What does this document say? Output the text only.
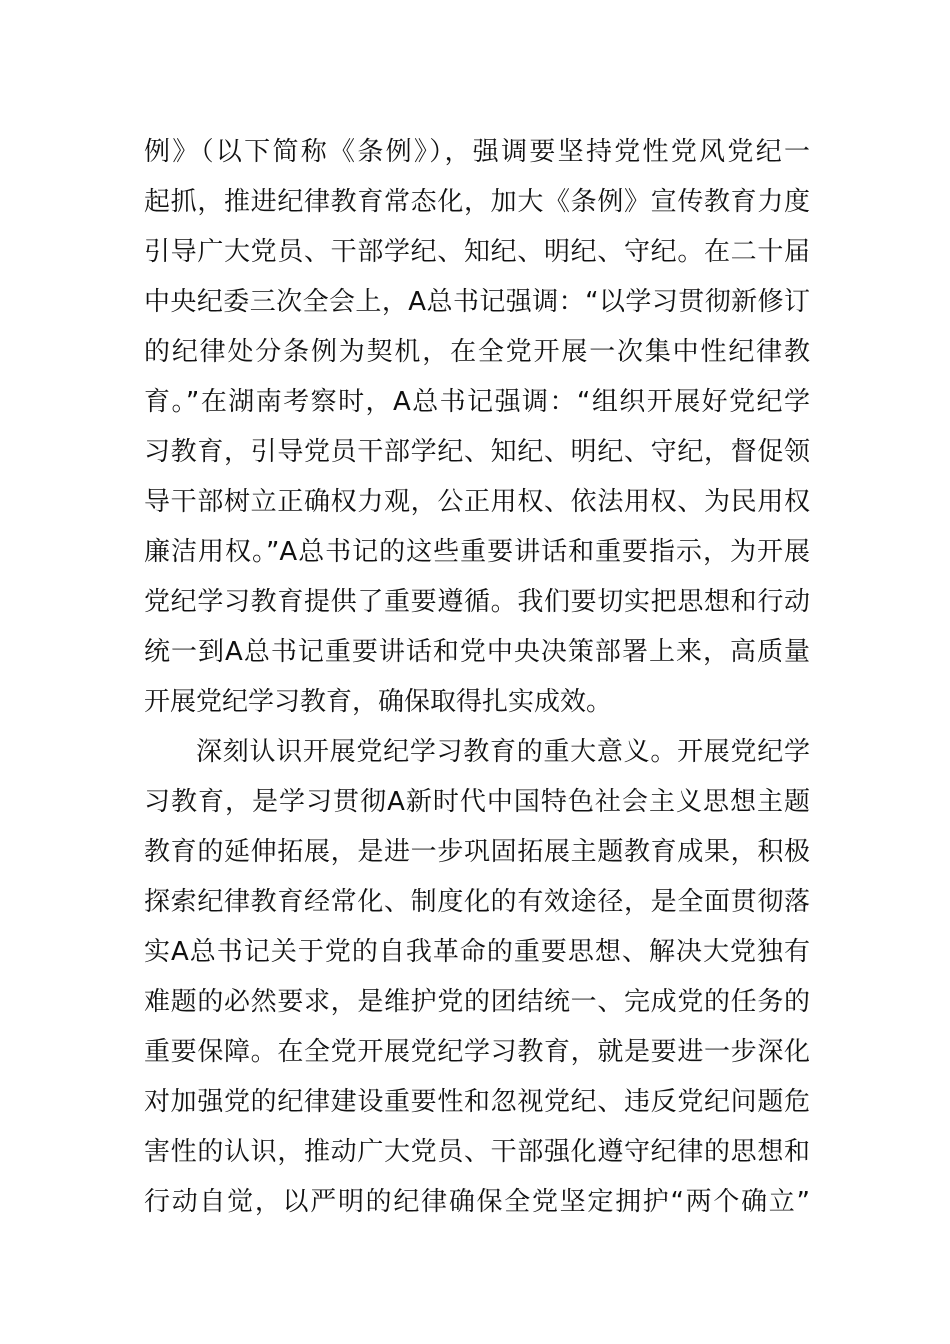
例》（以下简称《条例》），强调要坚持党性党风党纪一
起抓，推进纪律教育常态化，加大《条例》宣传教育力度
引导广大党员、干部学纪、知纪、明纪、守纪。在二十届
中央纪委三次全会上，A总书记强调：“以学习贯彻新修订
的纪律处分条例为契机，在全党开展一次集中性纪律教
育。”在湖南考察时，A总书记强调：“组织开展好党纪学
习教育，引导党员干部学纪、知纪、明纪、守纪，督促领
导干部树立正确权力观，公正用权、依法用权、为民用权
廉洁用权。”A总书记的这些重要讲话和重要指示，为开展
党纪学习教育提供了重要遵循。我们要切实把思想和行动
统一到A总书记重要讲话和党中央决策部署上来，高质量
开展党纪学习教育，确保取得扎实成效。
深刻认识开展党纪学习教育的重大意义。开展党纪学
习教育，是学习贯彻A新时代中国特色社会主义思想主题
教育的延伸拓展，是进一步巩固拓展主题教育成果，积极
探索纪律教育经常化、制度化的有效途径，是全面贯彻落
实A总书记关于党的自我革命的重要思想、解决大党独有
难题的必然要求，是维护党的团结统一、完成党的任务的
重要保障。在全党开展党纪学习教育，就是要进一步深化
对加强党的纪律建设重要性和忽视党纪、违反党纪问题危
害性的认识，推动广大党员、干部强化遵守纪律的思想和
行动自觉，以严明的纪律确保全党坚定拥护“两个确立”
